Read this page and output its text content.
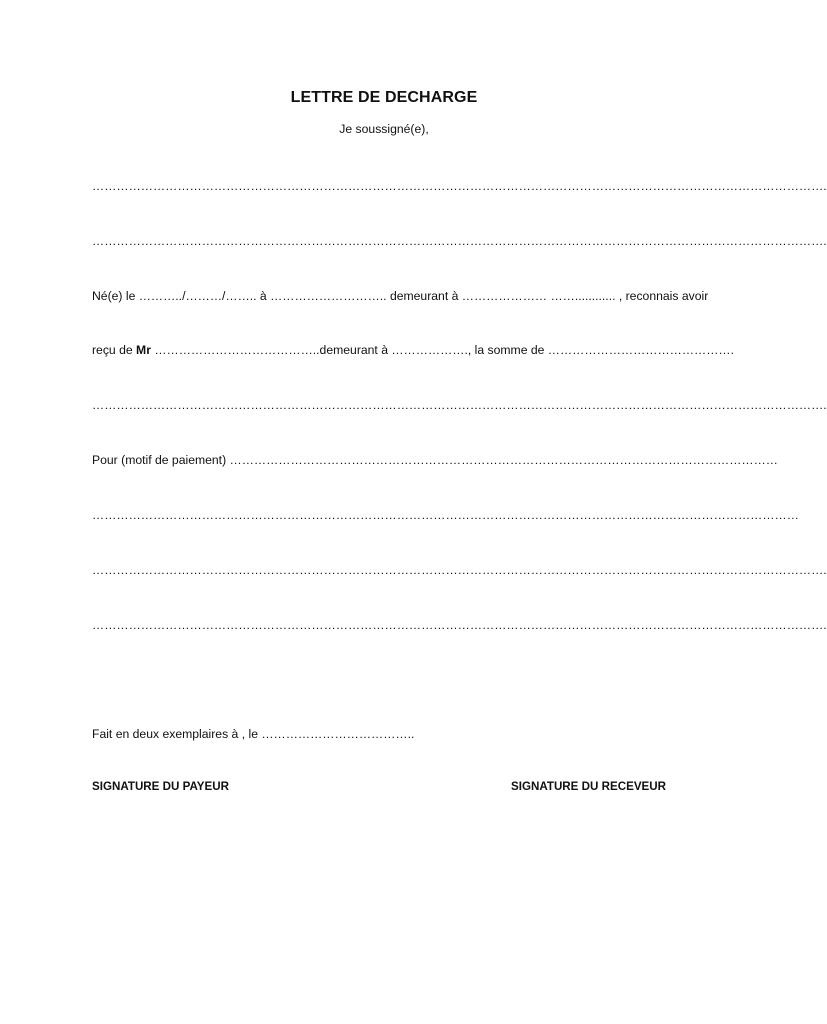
LETTRE DE DECHARGE
Je soussigné(e),
……………………………………………………………………………………………………………………………………………………………….
……………………………………………………………………………………………………………………………………………………………….
Né(e) le ………../………/…….. à ……………………….. demeurant à ………………… ……............ , reconnais avoir
reçu de Mr …………………………………..demeurant à ………………., la somme de ……………………………………….
……………………………………………………………………………………………………………………………………………………………….
Pour (motif de paiement) ………………………………………………………………………………………………………………………
…………………………………………………………………………………………………………………………………………………………
……………………………………………………………………………………………………………………………………………………………….
……………………………………………………………………………………………………………………………………………………………….
Fait en deux exemplaires à , le ………………………………..
SIGNATURE DU PAYEUR	SIGNATURE DU RECEVEUR
